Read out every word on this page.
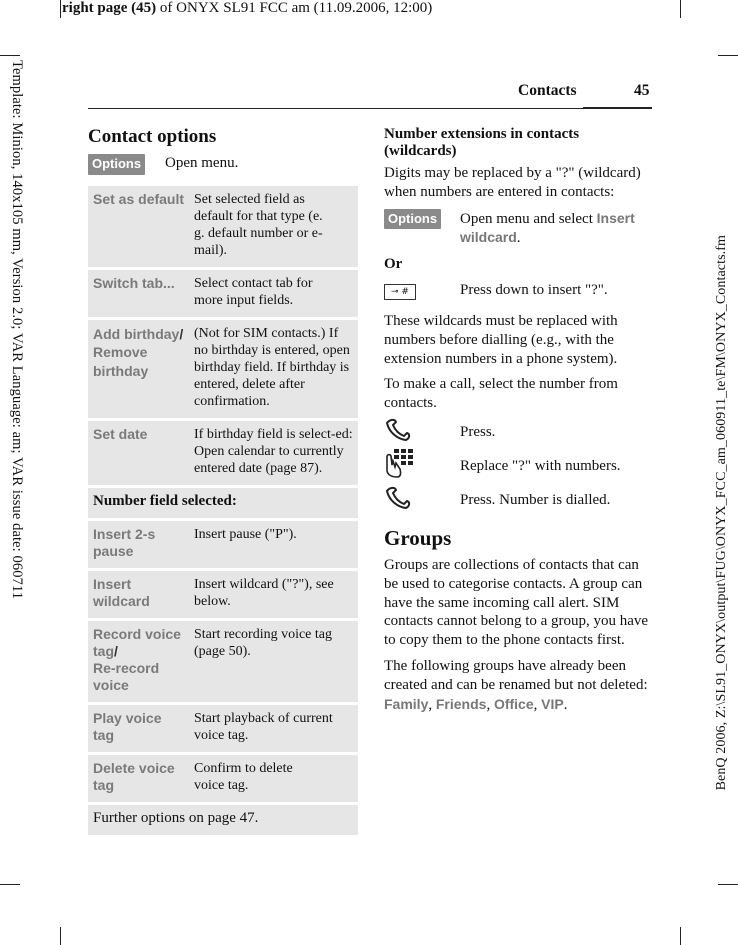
right page (45) of ONYX SL91 FCC am (11.09.2006, 12:00)
Template: Minion, 140x105 mm, Version 2.0; VAR Language: am; VAR issue date: 060711	BenQ 2006, Z:\SL91_ONYX\output\FUG\ONYX_FCC_am_060911_te\FM\ONYX_Contacts.fm
Contacts	45
Contact options
Options	Open menu.
Set as default	Set selected field as default for that type (e. g. default number or e-mail).
Switch tab...	Select contact tab for more input fields.
Add birthday/
Remove birthday	(Not for SIM contacts.) If no birthday is entered, open birthday field. If birthday is entered, delete after confirmation.
Set date	If birthday field is select-ed: Open calendar to currently entered date (page 87).
Number field selected:	
Insert 2-s pause	Insert pause ("P").
Insert wildcard	Insert wildcard ("?"), see below.
Record voice tag/
Re-record voice	Start recording voice tag (page 50).
Play voice tag	Start playback of current voice tag.
Delete voice tag	Confirm to delete voice tag.
Further options on page 47.	
Number extensions in contacts (wildcards)

Digits may be replaced by a "?" (wildcard) when numbers are entered in contacts:

Options	Open menu and select Insert wildcard.

Or

⊸ #	Press down to insert "?".

These wildcards must be replaced with numbers before dialling (e.g., with the extension numbers in a phone system).

To make a call, select the number from contacts.

Press.
Replace "?" with numbers.
Press. Number is dialled.
Groups

Groups are collections of contacts that can be used to categorise contacts. A group can have the same incoming call alert. SIM contacts cannot belong to a group, you have to copy them to the phone contacts first.

The following groups have already been created and can be renamed but not deleted: Family, Friends, Office, VIP.
